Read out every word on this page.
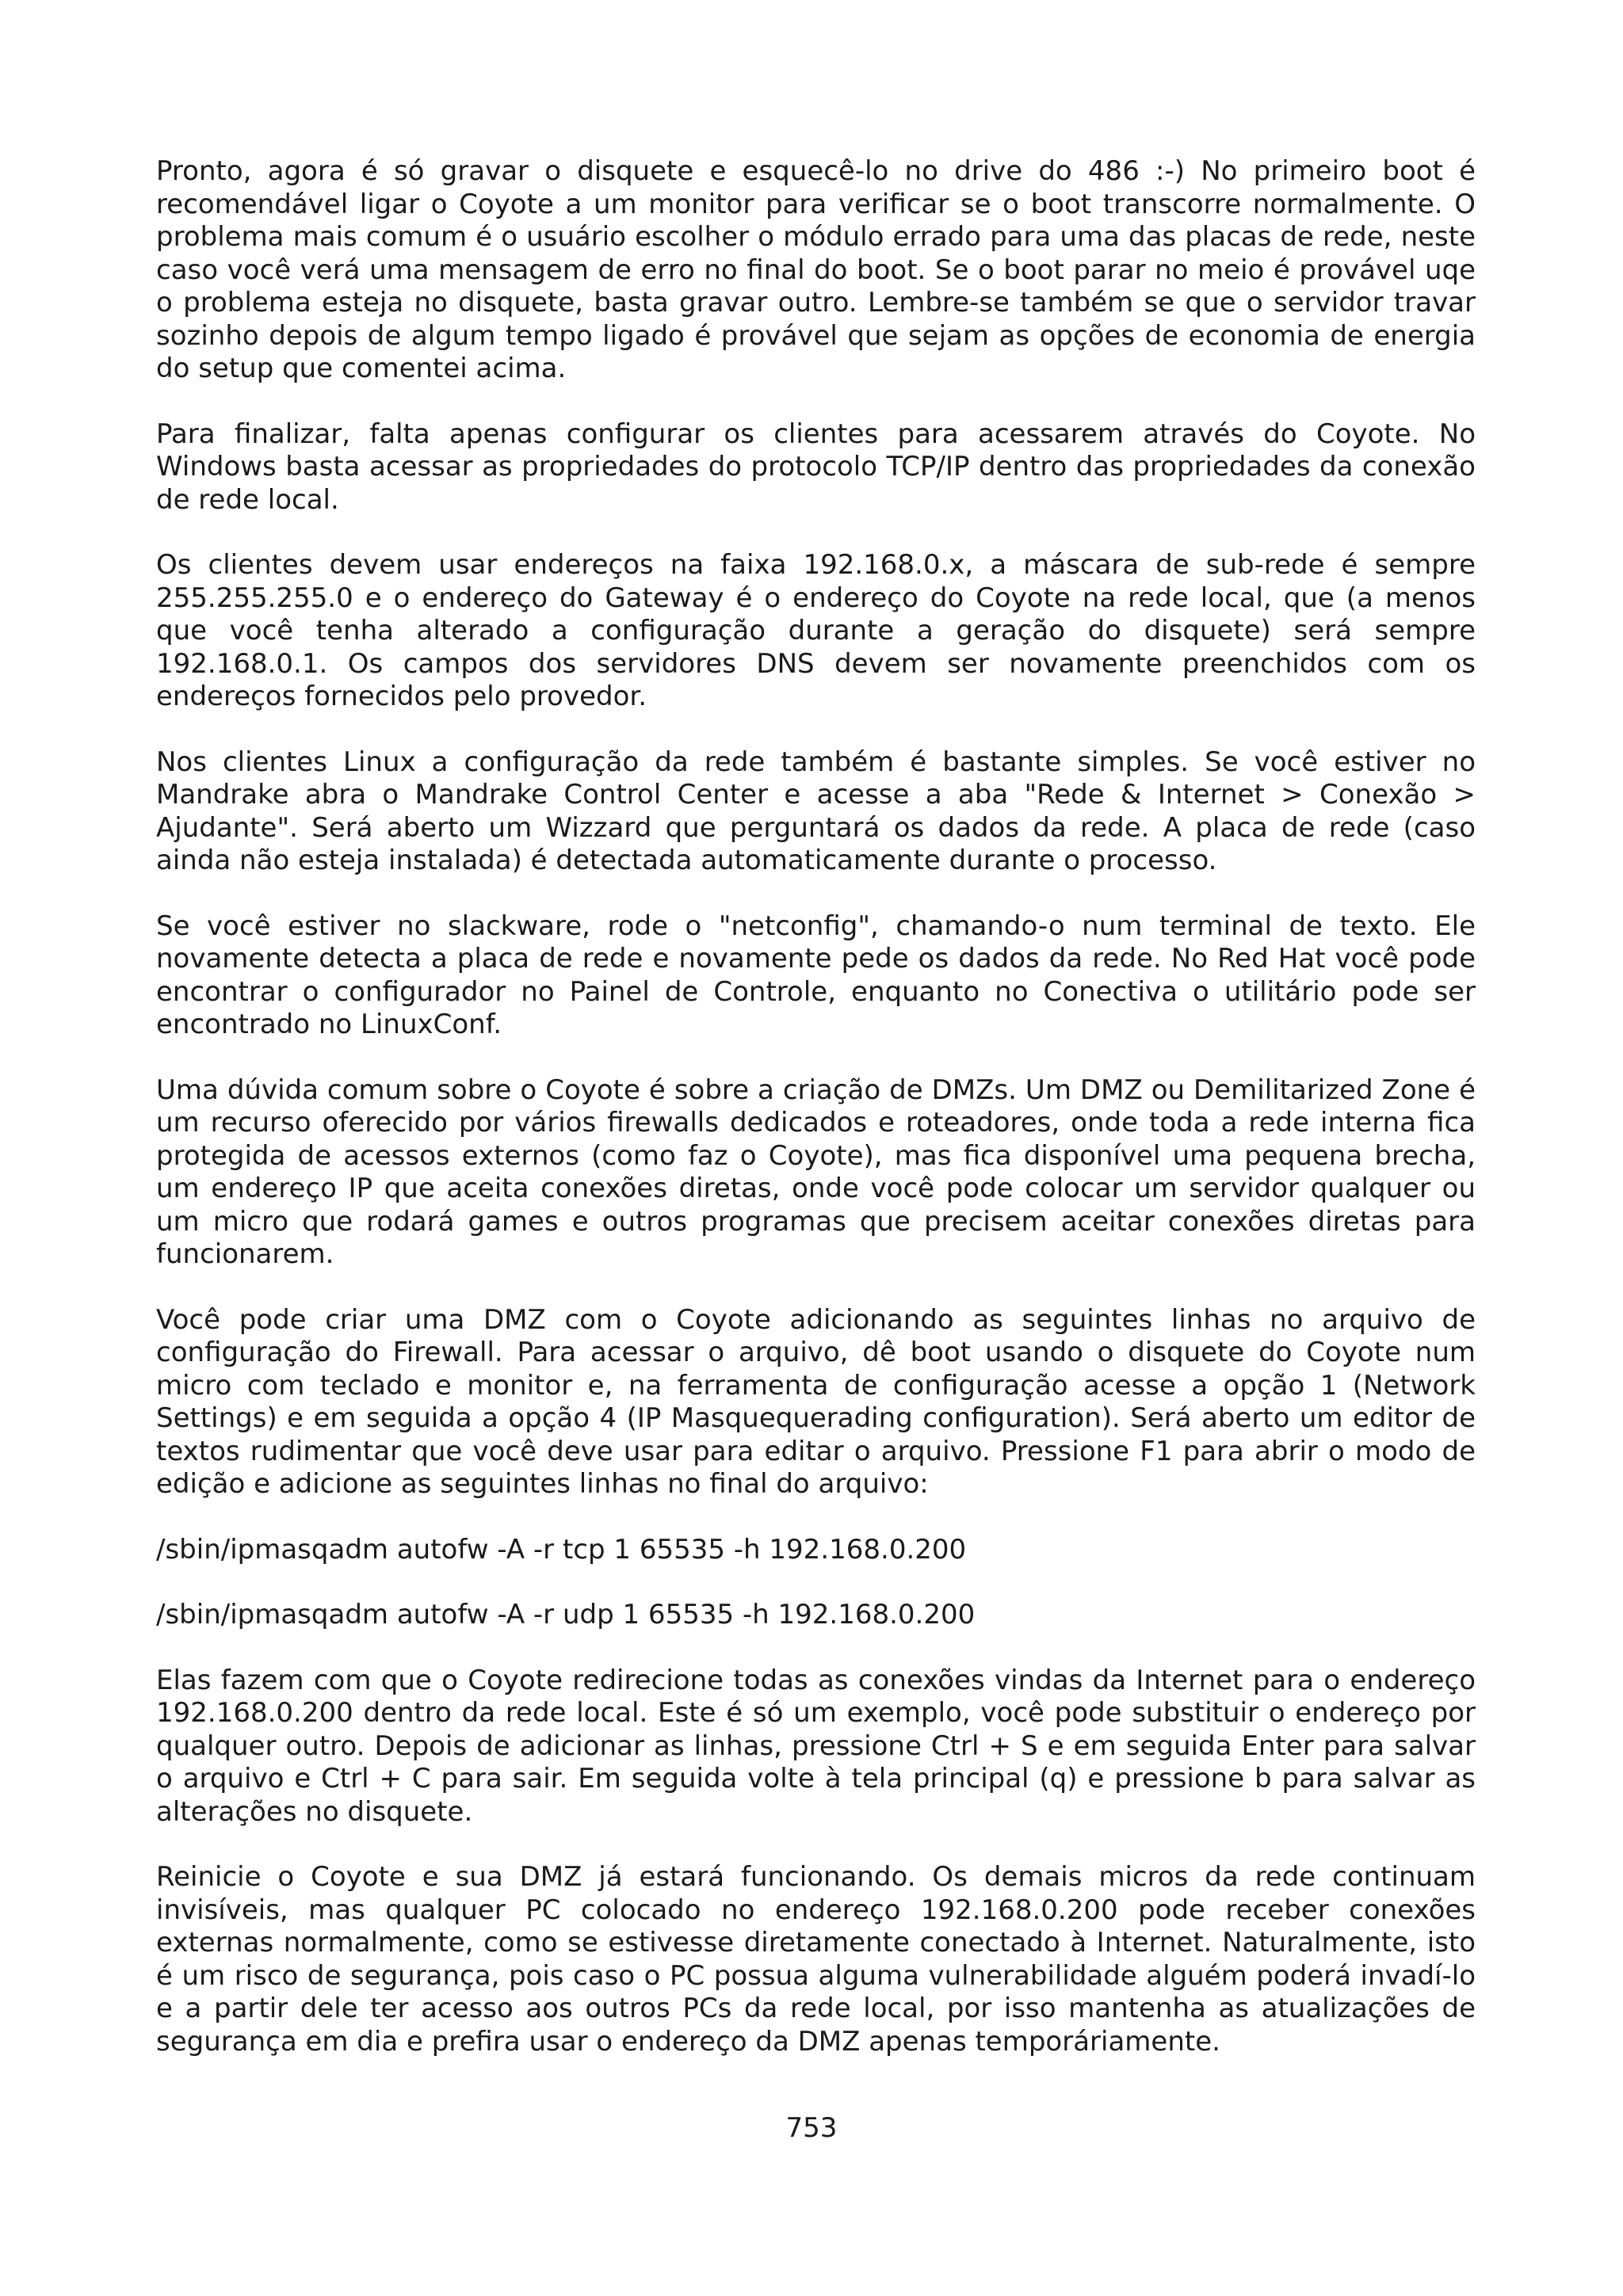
Pronto, agora é só gravar o disquete e esquecê-lo no drive do 486 :-) No primeiro boot é recomendável ligar o Coyote a um monitor para verificar se o boot transcorre normalmente. O problema mais comum é o usuário escolher o módulo errado para uma das placas de rede, neste caso você verá uma mensagem de erro no final do boot. Se o boot parar no meio é provável uqe o problema esteja no disquete, basta gravar outro. Lembre-se também se que o servidor travar sozinho depois de algum tempo ligado é provável que sejam as opções de economia de energia do setup que comentei acima.

Para finalizar, falta apenas configurar os clientes para acessarem através do Coyote. No Windows basta acessar as propriedades do protocolo TCP/IP dentro das propriedades da conexão de rede local.

Os clientes devem usar endereços na faixa 192.168.0.x, a máscara de sub-rede é sempre 255.255.255.0 e o endereço do Gateway é o endereço do Coyote na rede local, que (a menos que você tenha alterado a configuração durante a geração do disquete) será sempre 192.168.0.1. Os campos dos servidores DNS devem ser novamente preenchidos com os endereços fornecidos pelo provedor.

Nos clientes Linux a configuração da rede também é bastante simples. Se você estiver no Mandrake abra o Mandrake Control Center e acesse a aba "Rede & Internet > Conexão > Ajudante". Será aberto um Wizzard que perguntará os dados da rede. A placa de rede (caso ainda não esteja instalada) é detectada automaticamente durante o processo.

Se você estiver no slackware, rode o "netconfig", chamando-o num terminal de texto. Ele novamente detecta a placa de rede e novamente pede os dados da rede. No Red Hat você pode encontrar o configurador no Painel de Controle, enquanto no Conectiva o utilitário pode ser encontrado no LinuxConf.

Uma dúvida comum sobre o Coyote é sobre a criação de DMZs. Um DMZ ou Demilitarized Zone é um recurso oferecido por vários firewalls dedicados e roteadores, onde toda a rede interna fica protegida de acessos externos (como faz o Coyote), mas fica disponível uma pequena brecha, um endereço IP que aceita conexões diretas, onde você pode colocar um servidor qualquer ou um micro que rodará games e outros programas que precisem aceitar conexões diretas para funcionarem.

Você pode criar uma DMZ com o Coyote adicionando as seguintes linhas no arquivo de configuração do Firewall. Para acessar o arquivo, dê boot usando o disquete do Coyote num micro com teclado e monitor e, na ferramenta de configuração acesse a opção 1 (Network Settings) e em seguida a opção 4 (IP Masquequerading configuration). Será aberto um editor de textos rudimentar que você deve usar para editar o arquivo. Pressione F1 para abrir o modo de edição e adicione as seguintes linhas no final do arquivo:

/sbin/ipmasqadm autofw -A -r tcp 1 65535 -h 192.168.0.200

/sbin/ipmasqadm autofw -A -r udp 1 65535 -h 192.168.0.200

Elas fazem com que o Coyote redirecione todas as conexões vindas da Internet para o endereço 192.168.0.200 dentro da rede local. Este é só um exemplo, você pode substituir o endereço por qualquer outro. Depois de adicionar as linhas, pressione Ctrl + S e em seguida Enter para salvar o arquivo e Ctrl + C para sair. Em seguida volte à tela principal (q) e pressione b para salvar as alterações no disquete.

Reinicie o Coyote e sua DMZ já estará funcionando. Os demais micros da rede continuam invisíveis, mas qualquer PC colocado no endereço 192.168.0.200 pode receber conexões externas normalmente, como se estivesse diretamente conectado à Internet. Naturalmente, isto é um risco de segurança, pois caso o PC possua alguma vulnerabilidade alguém poderá invadí-lo e a partir dele ter acesso aos outros PCs da rede local, por isso mantenha as atualizações de segurança em dia e prefira usar o endereço da DMZ apenas temporáriamente.

753
